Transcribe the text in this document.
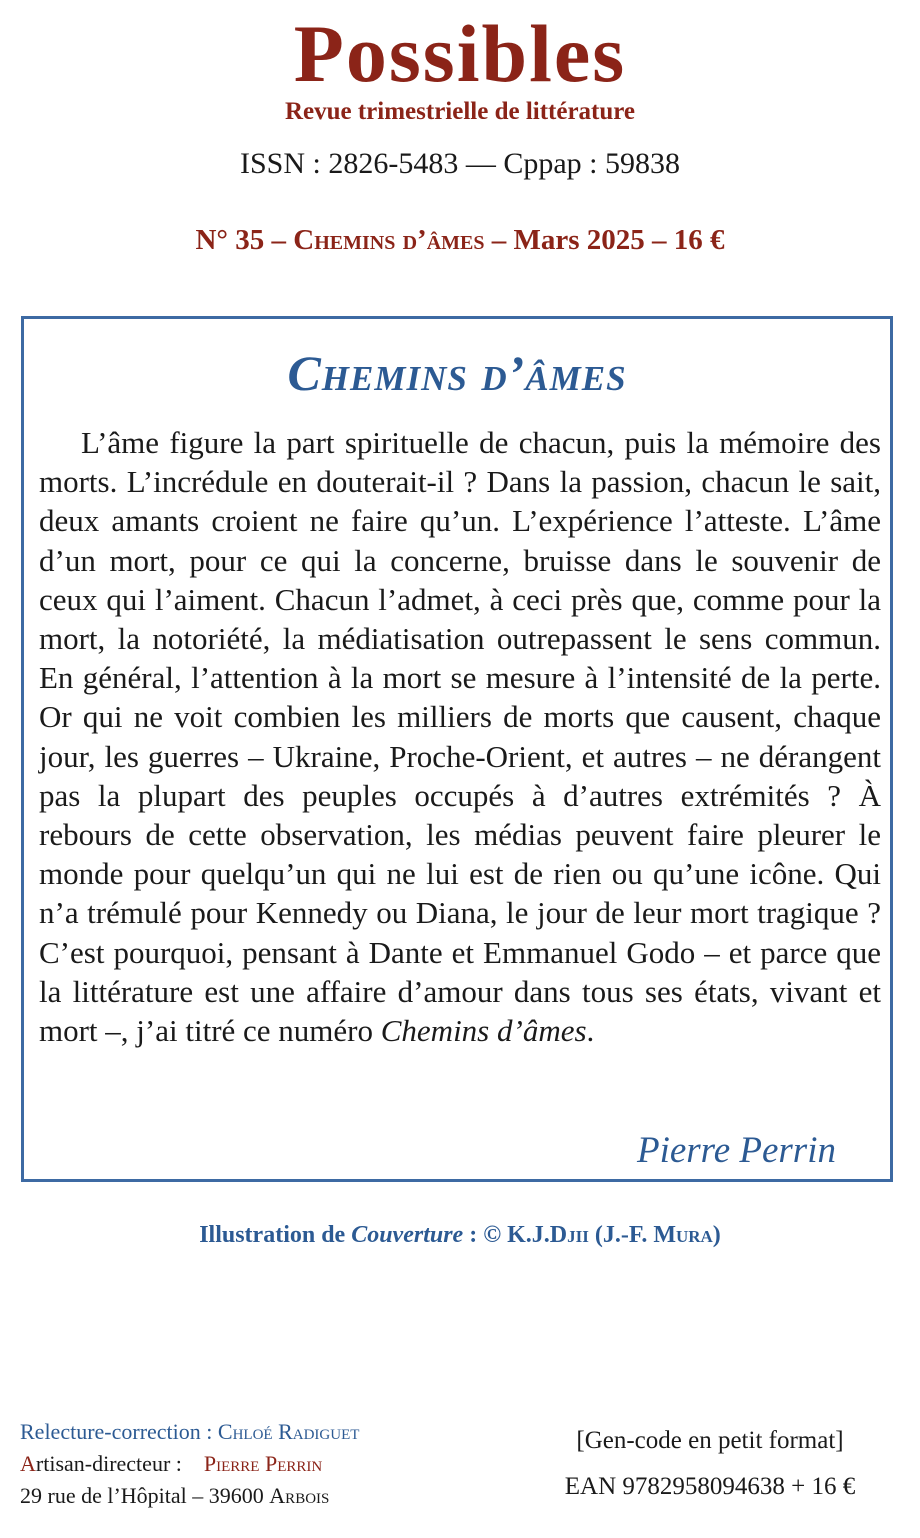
Possibles
Revue trimestrielle de littérature
ISSN : 2826-5483 — Cppap : 59838
N° 35 – Chemins d’âmes – Mars 2025 – 16 €
Chemins d’âmes

L’âme figure la part spirituelle de chacun, puis la mémoire des morts. L’incrédule en douterait-il ? Dans la passion, chacun le sait, deux amants croient ne faire qu’un. L’expérience l’atteste. L’âme d’un mort, pour ce qui la concerne, bruisse dans le souvenir de ceux qui l’aiment. Chacun l’admet, à ceci près que, comme pour la mort, la notoriété, la médiatisation outrepassent le sens commun. En général, l’attention à la mort se mesure à l’intensité de la perte. Or qui ne voit combien les milliers de morts que causent, chaque jour, les guerres – Ukraine, Proche-Orient, et autres – ne dérangent pas la plupart des peuples occupés à d’autres extrémités ? À rebours de cette observation, les médias peuvent faire pleurer le monde pour quelqu’un qui ne lui est de rien ou qu’une icône. Qui n’a trémulé pour Kennedy ou Diana, le jour de leur mort tragique ? C’est pourquoi, pensant à Dante et Emmanuel Godo – et parce que la littérature est une affaire d’amour dans tous ses états, vivant et mort –, j’ai titré ce numéro Chemins d’âmes.

Pierre Perrin
Illustration de Couverture : © K.J.Djii (J.-F. Mura)
Relecture-correction : Chloé Radiguet
Artisan-directeur :    Pierre Perrin
29 rue de l’Hôpital – 39600 Arbois
[Gen-code en petit format]
EAN 9782958094638 + 16 €
